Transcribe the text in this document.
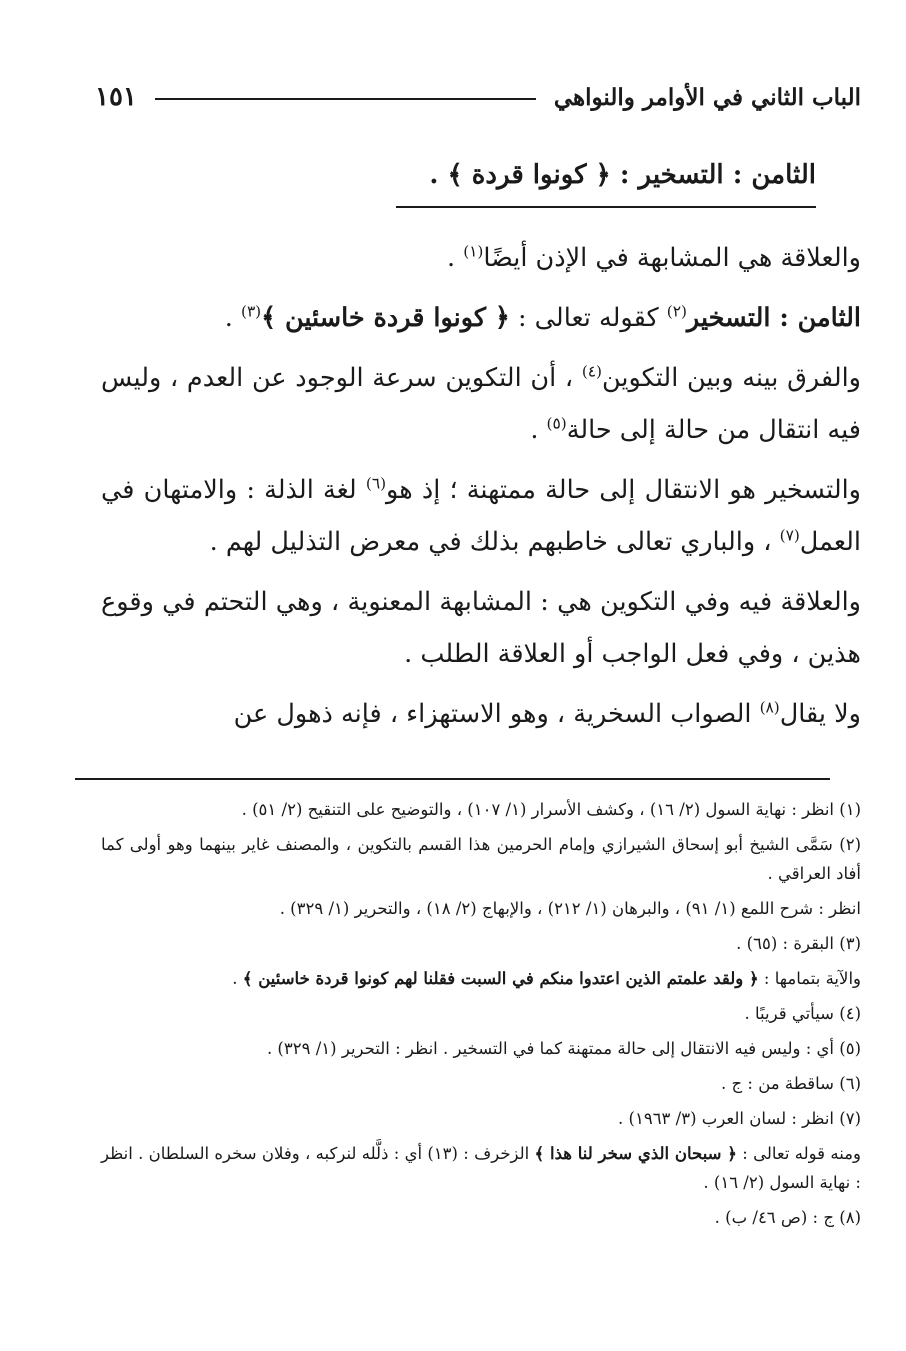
الباب الثاني في الأوامر والنواهي
١٥١
الثامن : التسخير : ﴿ كونوا قردة ﴾ .

والعلاقة هي المشابهة في الإذن أيضًا$^{(١)}$ .

الثامن : التسخير$^{(٢)}$ كقوله تعالى : ﴿ كونوا قردة خاسئين ﴾$^{(٣)}$ .

والفرق بينه وبين التكوين$^{(٤)}$ ، أن التكوين سرعة الوجود عن العدم ، وليس فيه انتقال من حالة إلى حالة$^{(٥)}$ .

والتسخير هو الانتقال إلى حالة ممتهنة ؛ إذ هو$^{(٦)}$ لغة الذلة : والامتهان في العمل$^{(٧)}$ ، والباري تعالى خاطبهم بذلك في معرض التذليل لهم .

والعلاقة فيه وفي التكوين هي : المشابهة المعنوية ، وهي التحتم في وقوع هذين ، وفي فعل الواجب أو العلاقة الطلب .

ولا يقال$^{(٨)}$ الصواب السخرية ، وهو الاستهزاء ، فإنه ذهول عن

(١) انظر : نهاية السول (٢/ ١٦) ، وكشف الأسرار (١/ ١٠٧) ، والتوضيح على التنقيح (٢/ ٥١) .

(٢) سَمَّى الشيخ أبو إسحاق الشيرازي وإمام الحرمين هذا القسم بالتكوين ، والمصنف غاير بينهما وهو أولى كما أفاد العراقي .

انظر : شرح اللمع (١/ ٩١) ، والبرهان (١/ ٢١٢) ، والإبهاج (٢/ ١٨) ، والتحرير (١/ ٣٢٩) .

(٣) البقرة : (٦٥) .

والآية بتمامها : ﴿ ولقد علمتم الذين اعتدوا منكم في السبت فقلنا لهم كونوا قردة خاسئين ﴾ .

(٤) سيأتي قريبًا .

(٥) أي : وليس فيه الانتقال إلى حالة ممتهنة كما في التسخير . انظر : التحرير (١/ ٣٢٩) .

(٦) ساقطة من : ج .

(٧) انظر : لسان العرب (٣/ ١٩٦٣) .

ومنه قوله تعالى : ﴿ سبحان الذي سخر لنا هذا ﴾ الزخرف : (١٣) أي : ذلَّله لنركبه ، وفلان سخره السلطان . انظر : نهاية السول (٢/ ١٦) .

(٨) ج : (ص ٤٦/ ب) .
